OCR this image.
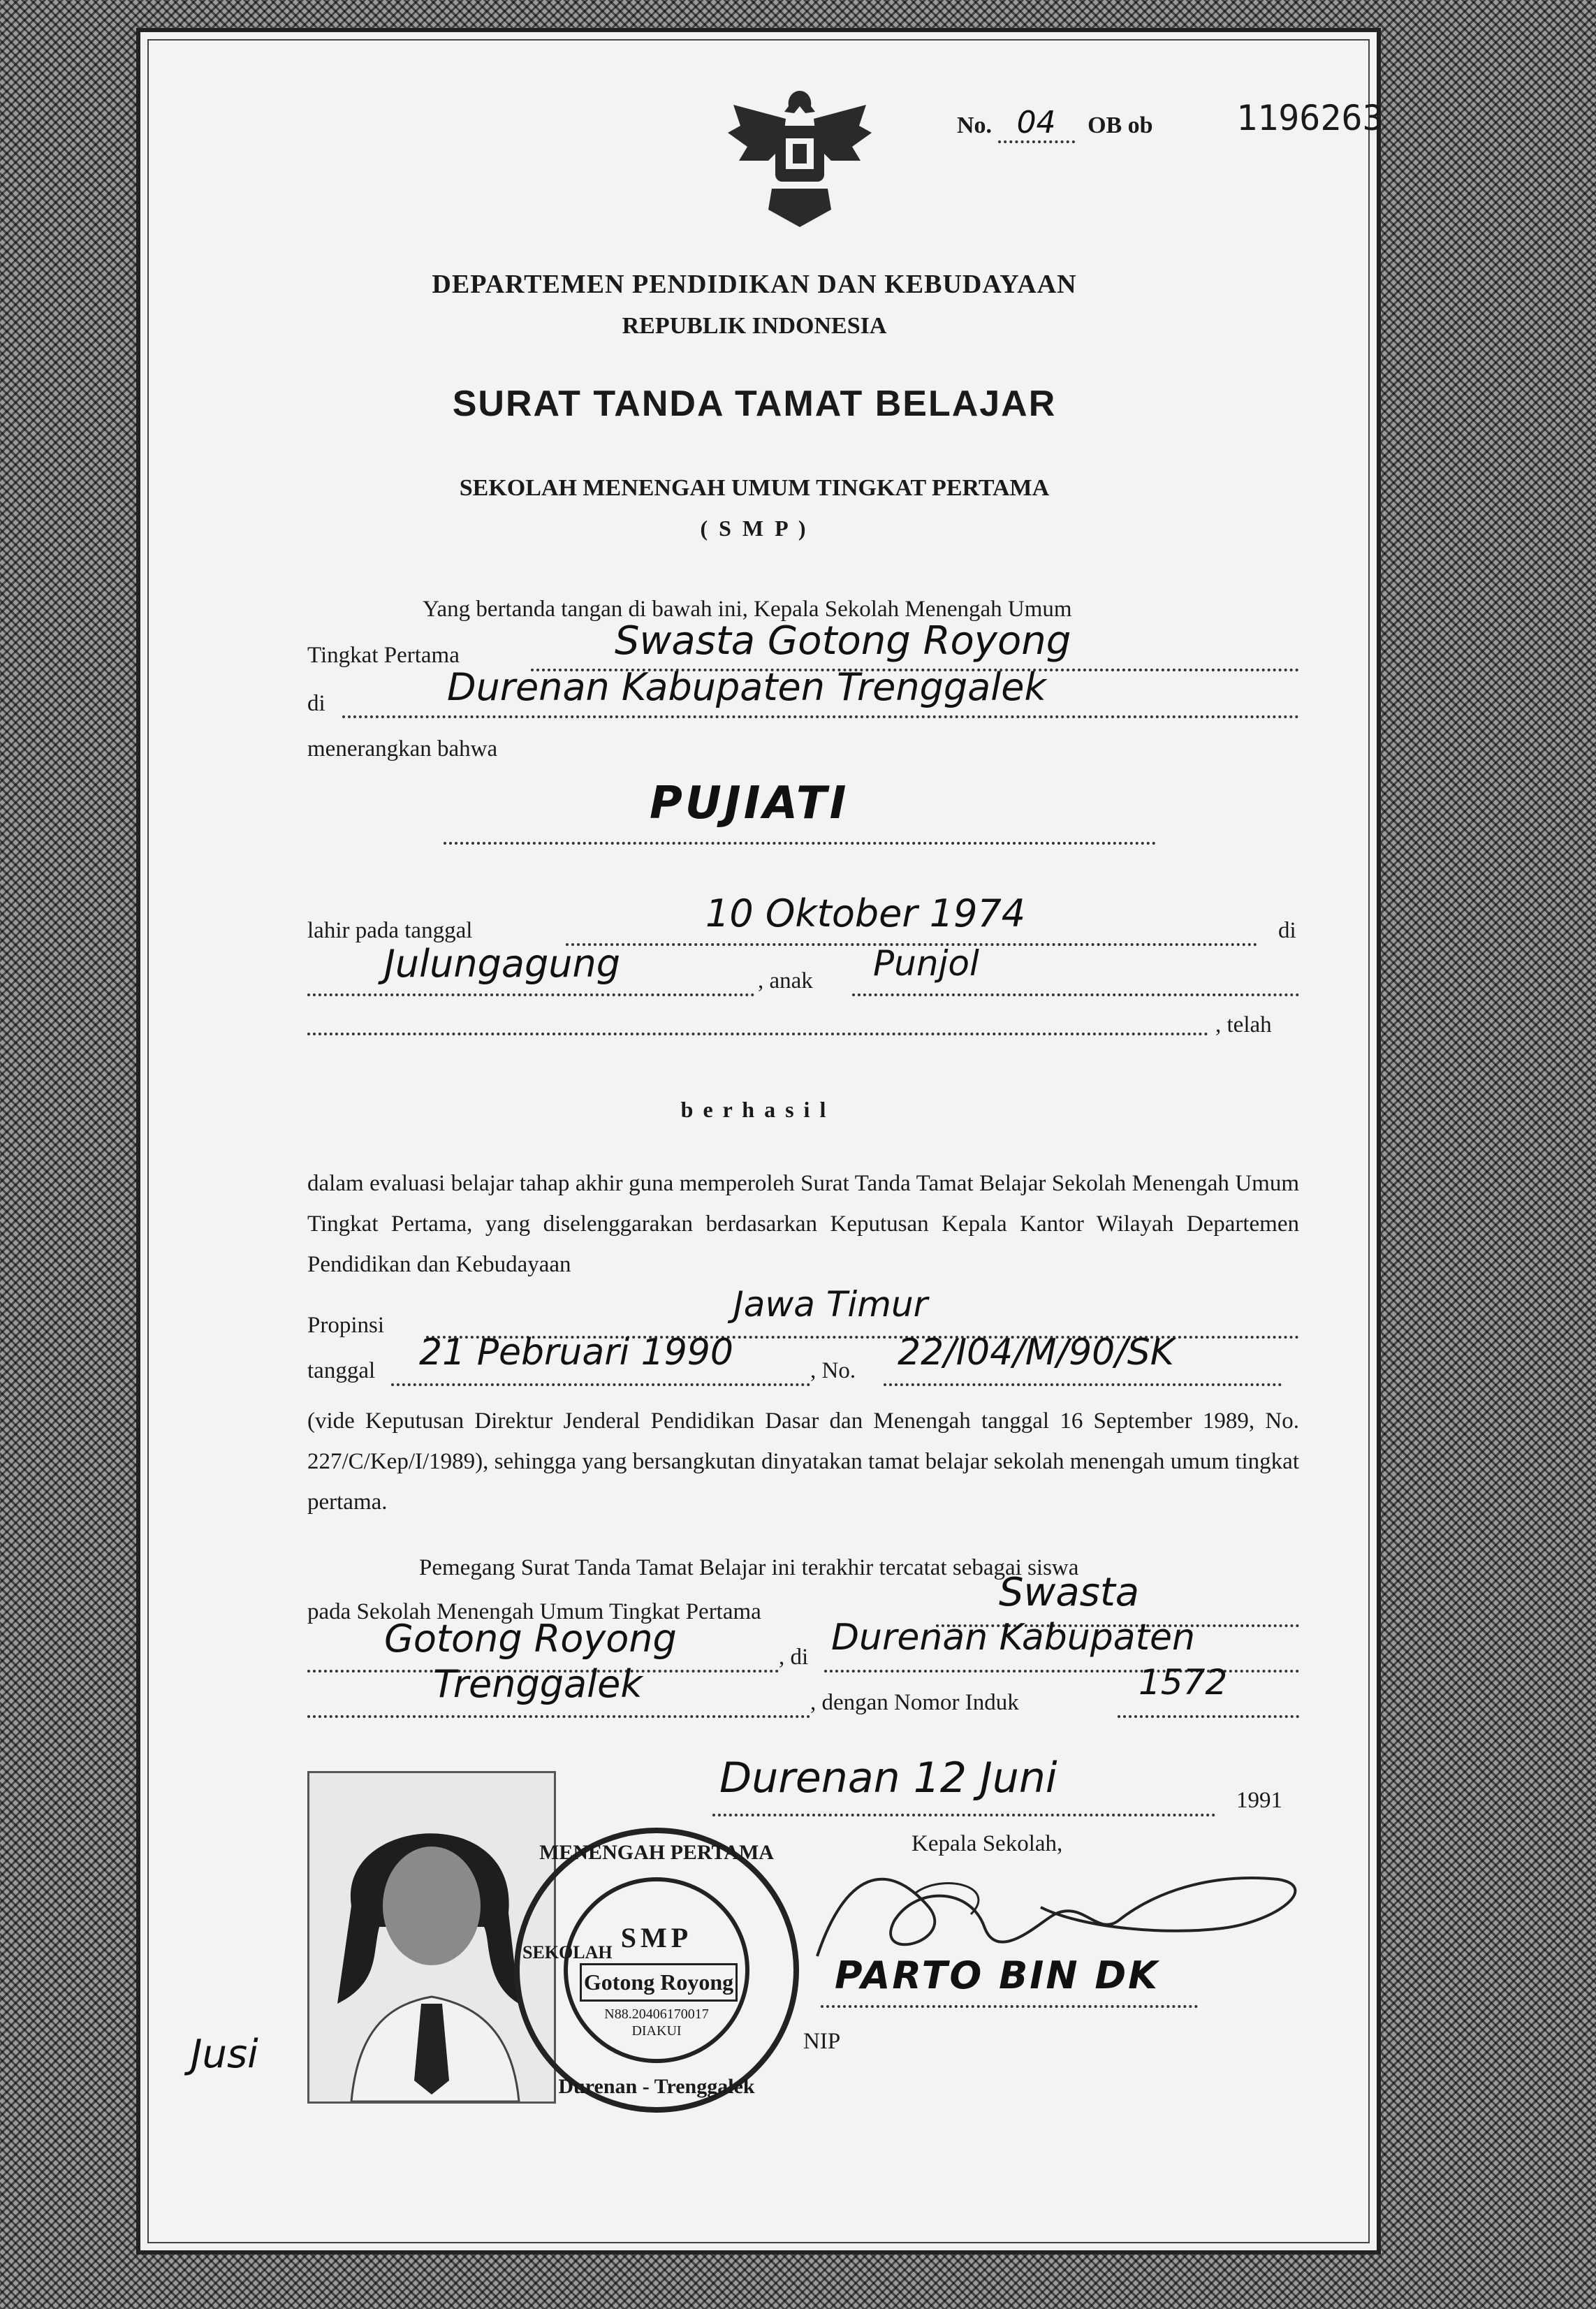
No. 04 OB ob 1196263
DEPARTEMEN PENDIDIKAN DAN KEBUDAYAAN
REPUBLIK INDONESIA
SURAT TANDA TAMAT BELAJAR
SEKOLAH MENENGAH UMUM TINGKAT PERTAMA
( S M P )
Yang bertanda tangan di bawah ini, Kepala Sekolah Menengah Umum
Tingkat Pertama	Swasta Gotong Royong
di	Durenan Kabupaten Trenggalek
menerangkan bahwa
PUJIATI
lahir pada tanggal	10 Oktober 1974	di
Julungagung	, anak Punjol
, telah
b e r h a s i l
dalam evaluasi belajar tahap akhir guna memperoleh Surat Tanda Tamat Belajar Sekolah Menengah Umum Tingkat Pertama, yang diselenggarakan berdasarkan Keputusan Kepala Kantor Wilayah Departemen Pendidikan dan Kebudayaan
Propinsi
Jawa Timur
tanggal 21 Pebruari 1990	, No. 22/I04/M/90/SK
(vide Keputusan Direktur Jenderal Pendidikan Dasar dan Menengah tanggal 16 September 1989, No. 227/C/Kep/I/1989), sehingga yang bersangkutan dinyatakan tamat belajar sekolah menengah umum tingkat pertama.
Pemegang Surat Tanda Tamat Belajar ini terakhir tercatat sebagai siswa
pada Sekolah Menengah Umum Tingkat Pertama	Swasta
Gotong Royong	, di Durenan Kabupaten
Trenggalek	, dengan Nomor Induk	1572
Durenan 12 Juni	1991
Kepala Sekolah,
PARTO BIN DK
NIP
Jusi
MENENGAH PERTAMA
SEKOLAH SMP
Gotong Royong
N88.20406170017
DIAKUI
Durenan - Trenggalek
